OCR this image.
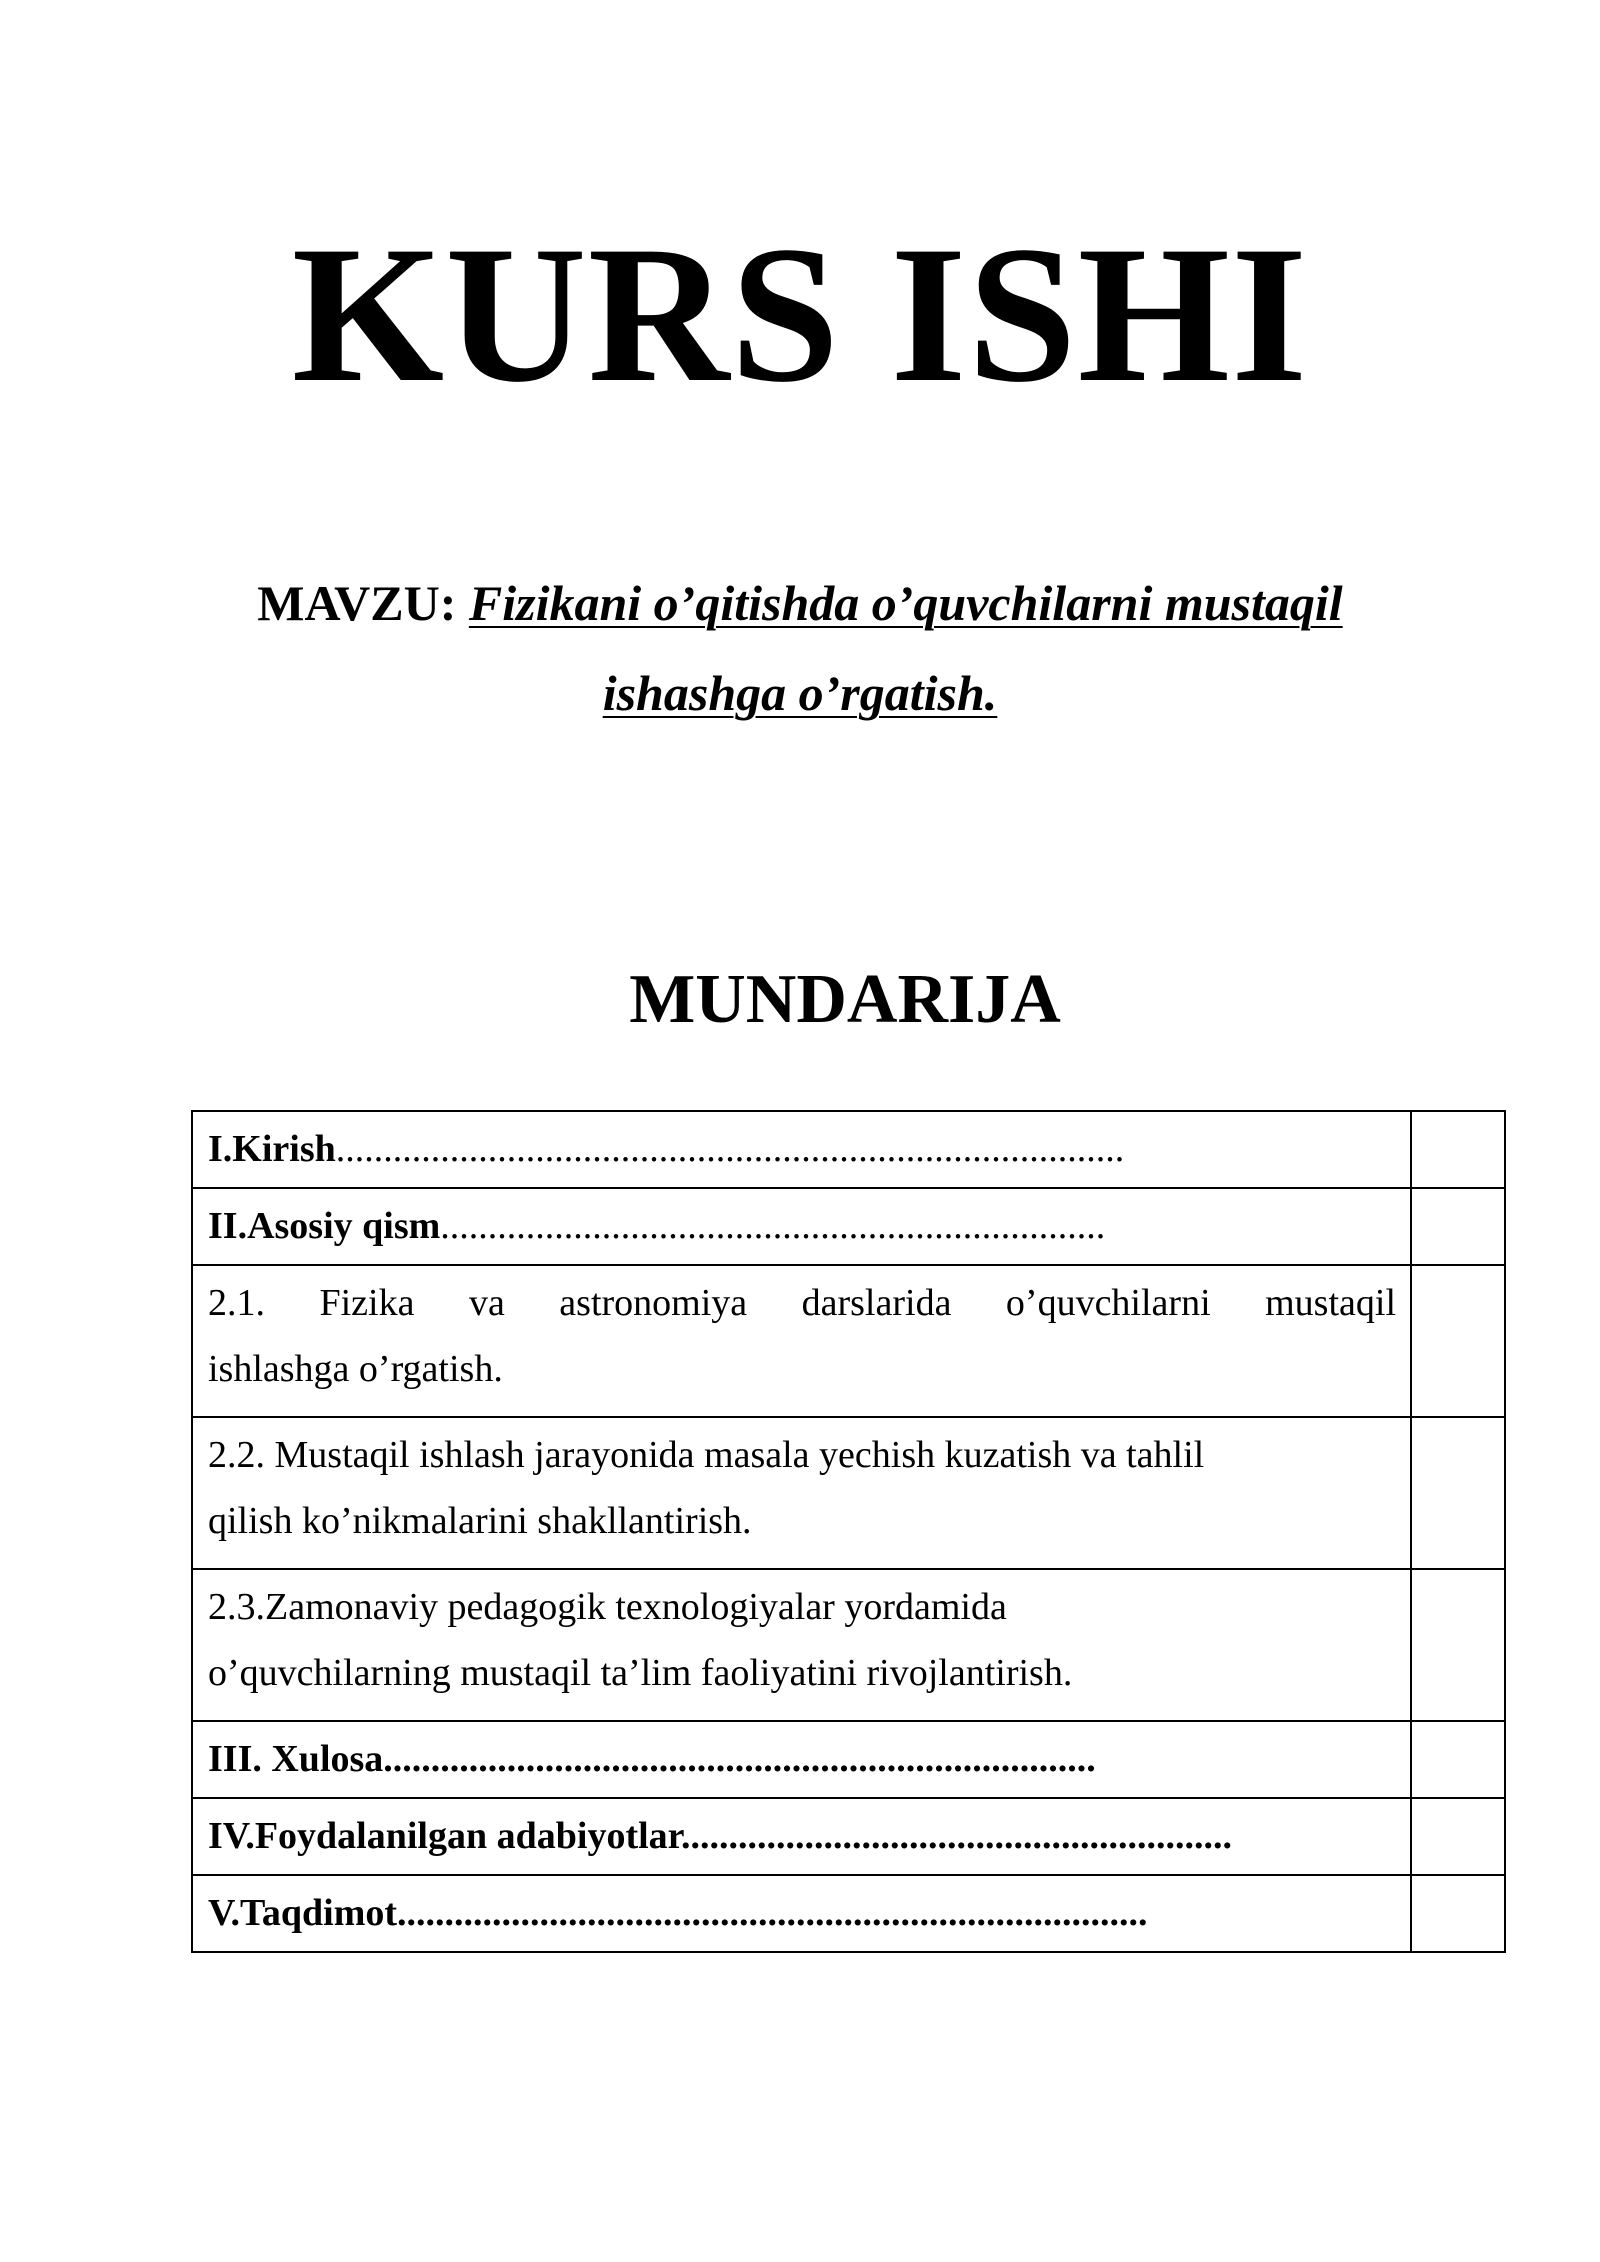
KURS ISHI

MAVZU: Fizikani o’qitishda o’quvchilarni mustaqil
ishashga o’rgatish.

MUNDARIJA
I.Kirish...................................................................................	

II.Asosiy qism......................................................................	

2.1. Fizika va astronomiya darslarida o’quvchilarni mustaqil
ishlashga o’rgatish.	

2.2. Mustaqil ishlash jarayonida masala yechish kuzatish va tahlil
qilish ko’nikmalarini shakllantirish.	

2.3.Zamonaviy pedagogik texnologiyalar yordamida
o’quvchilarning mustaqil ta’lim faoliyatini rivojlantirish.	

III. Xulosa...........................................................................	

IV.Foydalanilgan adabiyotlar..........................................................	

V.Taqdimot...............................................................................	
